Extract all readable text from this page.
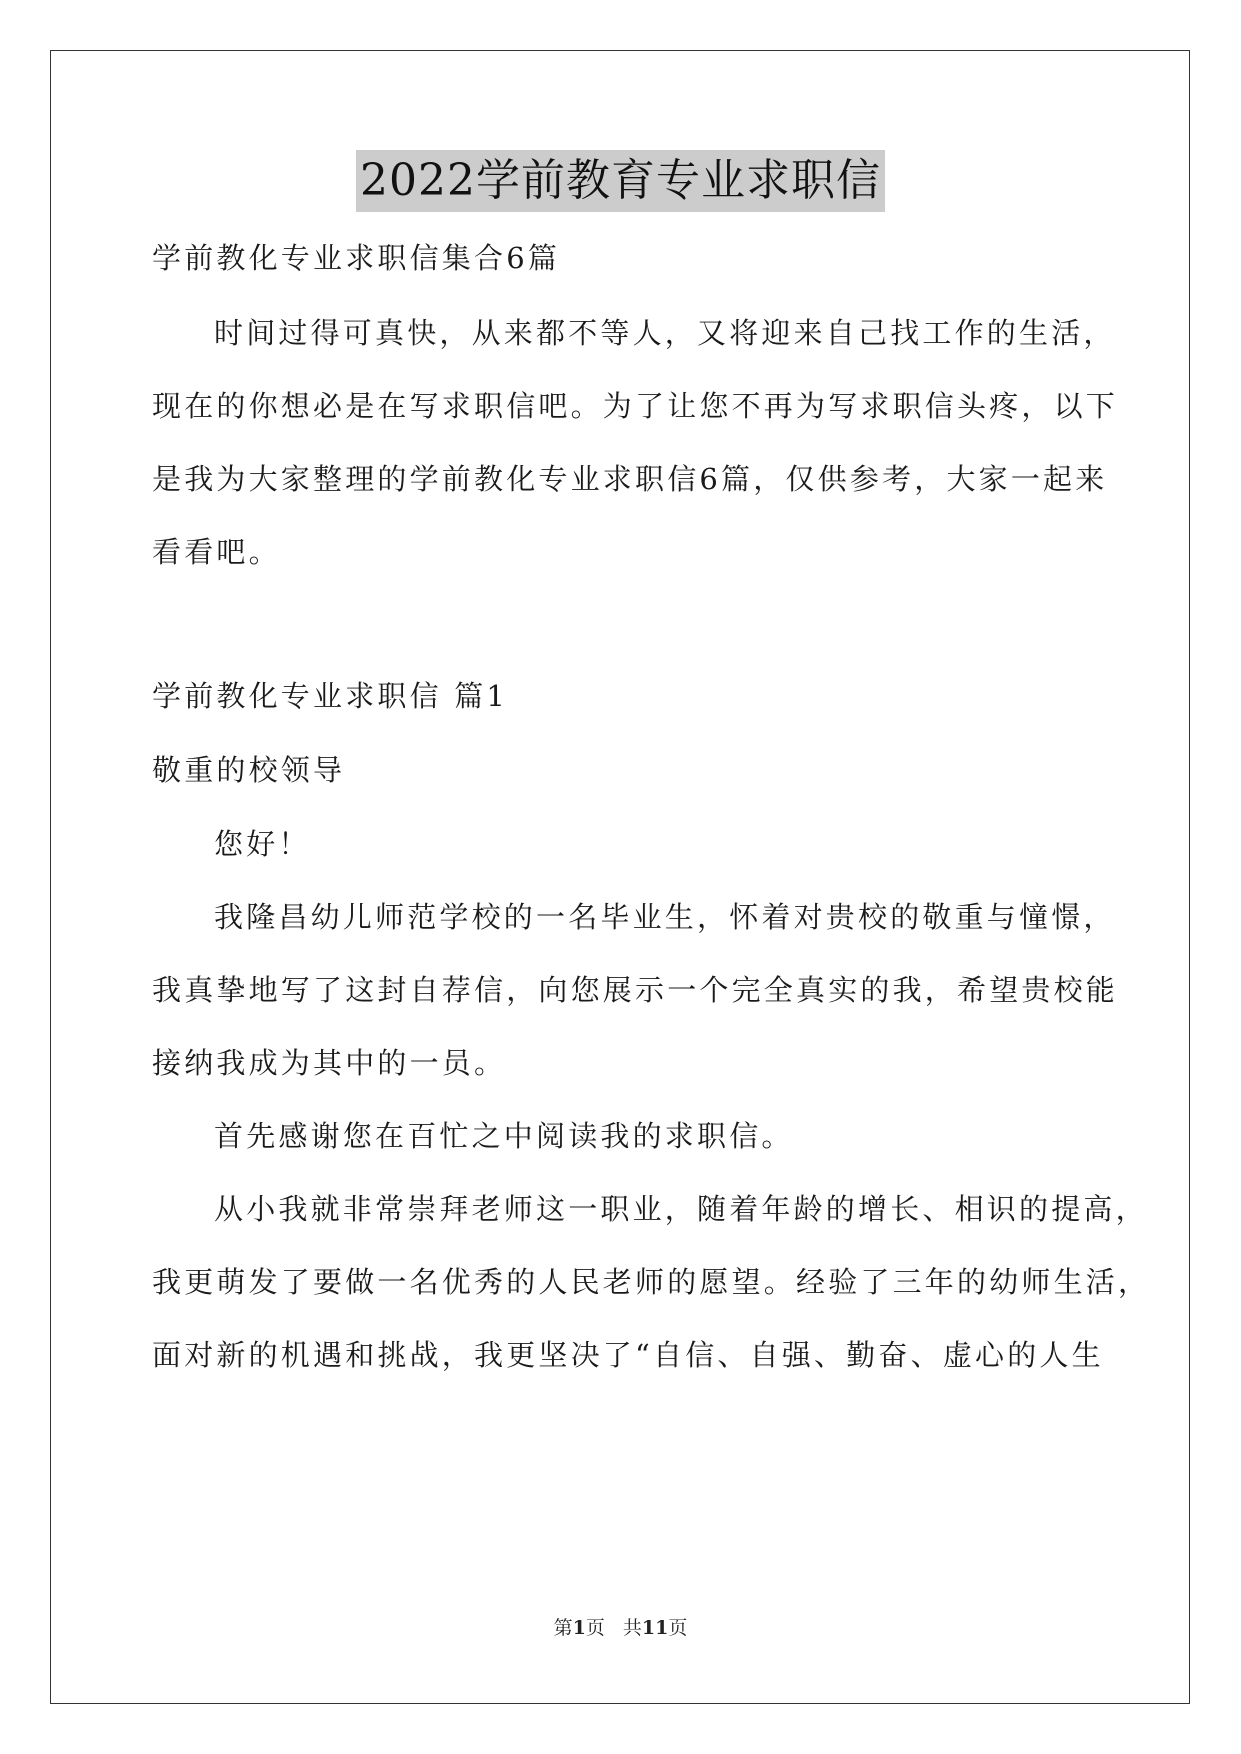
2022学前教育专业求职信
学前教化专业求职信集合6篇
时间过得可真快，从来都不等人，又将迎来自己找工作的生活，
现在的你想必是在写求职信吧。为了让您不再为写求职信头疼，以下
是我为大家整理的学前教化专业求职信6篇，仅供参考，大家一起来
看看吧。
学前教化专业求职信 篇1
敬重的校领导
您好！
我隆昌幼儿师范学校的一名毕业生，怀着对贵校的敬重与憧憬，
我真挚地写了这封自荐信，向您展示一个完全真实的我，希望贵校能
接纳我成为其中的一员。
首先感谢您在百忙之中阅读我的求职信。
从小我就非常崇拜老师这一职业，随着年龄的增长、相识的提高，
我更萌发了要做一名优秀的人民老师的愿望。经验了三年的幼师生活，
面对新的机遇和挑战，我更坚决了“自信、自强、勤奋、虚心的人生
第1页 共11页
